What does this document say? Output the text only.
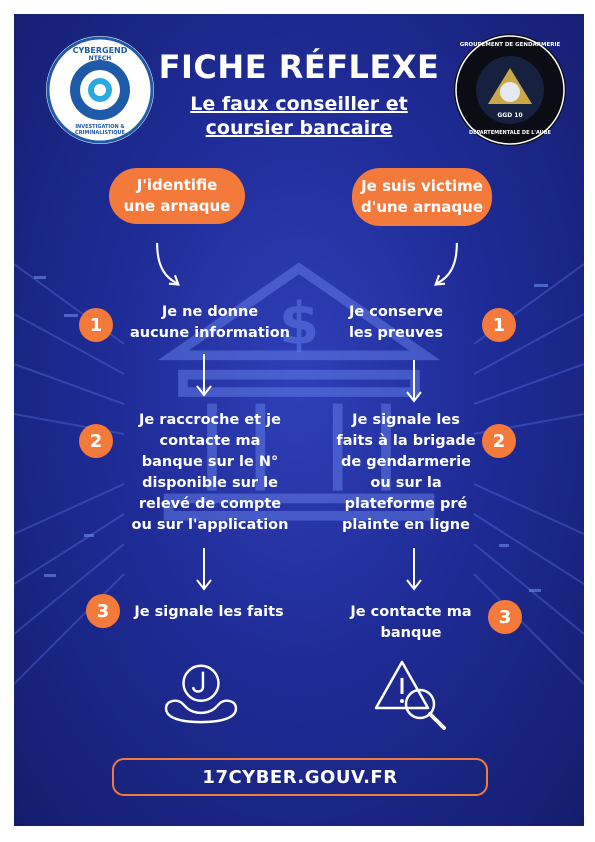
$
CYBERGEND
NTECH
INVESTIGATION & CRIMINALISTIQUE
GROUPEMENT DE GENDARMERIE
GGD 10
DÉPARTEMENTALE DE L'AUBE
FICHE RÉFLEXE
Le faux conseiller et
coursier bancaire
J'identifie
une arnaque
Je suis victime
d'une arnaque
1
Je ne donne
aucune information
2
Je raccroche et je
contacte ma
banque sur le N°
disponible sur le
relevé de compte
ou sur l'application
3	Je signale les faits
Je conserve
les preuves	1
Je signale les
faits à la brigade
de gendarmerie
ou sur la
plateforme pré
plainte en ligne
2
Je contacte ma
banque
3
17CYBER.GOUV.FR
